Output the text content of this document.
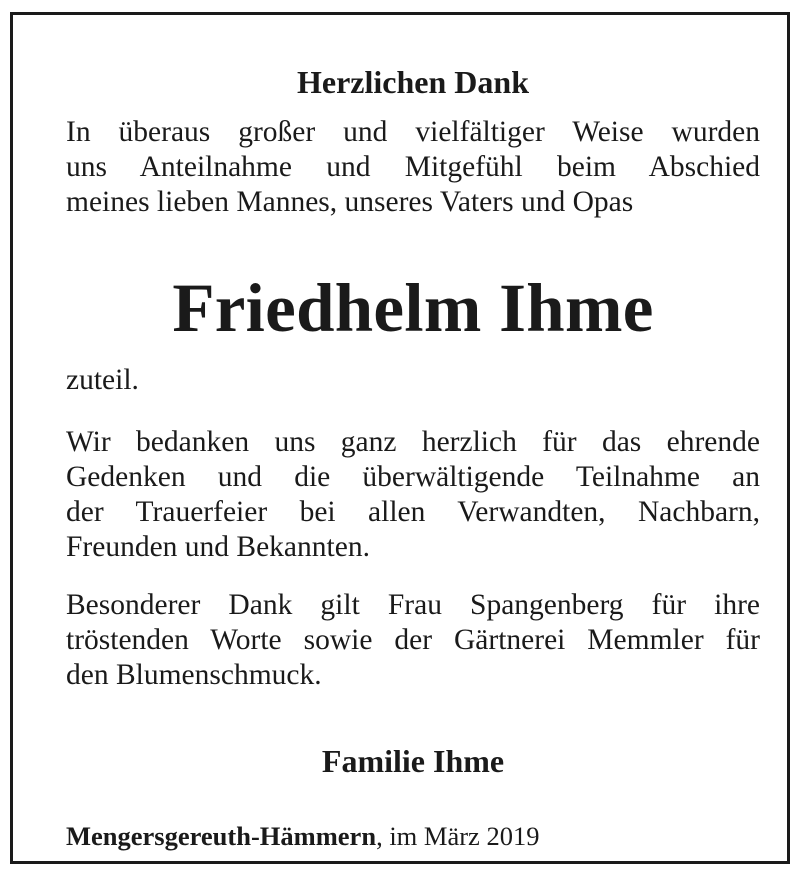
Herzlichen Dank

In überaus großer und vielfältiger Weise wurden
uns Anteilnahme und Mitgefühl beim Abschied
meines lieben Mannes, unseres Vaters und Opas

Friedhelm Ihme

zuteil.

Wir bedanken uns ganz herzlich für das ehrende
Gedenken und die überwältigende Teilnahme an
der Trauerfeier bei allen Verwandten, Nachbarn,
Freunden und Bekannten.

Besonderer Dank gilt Frau Spangenberg für ihre
tröstenden Worte sowie der Gärtnerei Memmler für
den Blumenschmuck.

Familie Ihme

Mengersgereuth-Hämmern, im März 2019
